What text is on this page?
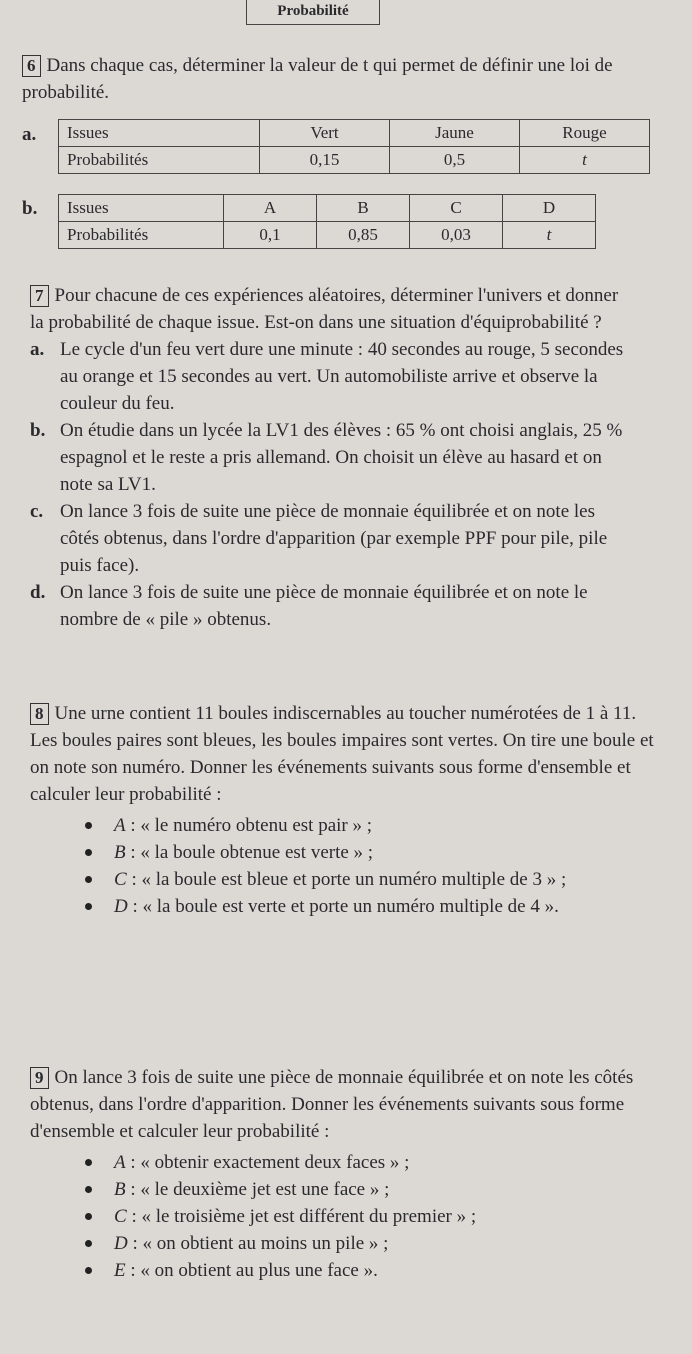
Probabilité

6 Dans chaque cas, déterminer la valeur de t qui permet de définir une loi de probabilité.

a. Issues	Vert	Jaune	Rouge
Probabilités	0,15	0,5	t
b. Issues	A	B	C	D
Probabilités	0,1	0,85	0,03	t

7 Pour chacune de ces expériences aléatoires, déterminer l'univers et donner la probabilité de chaque issue. Est-on dans une situation d'équiprobabilité ?

a. Le cycle d'un feu vert dure une minute : 40 secondes au rouge, 5 secondes au orange et 15 secondes au vert. Un automobiliste arrive et observe la couleur du feu.
b. On étudie dans un lycée la LV1 des élèves : 65 % ont choisi anglais, 25 % espagnol et le reste a pris allemand. On choisit un élève au hasard et on note sa LV1.
c. On lance 3 fois de suite une pièce de monnaie équilibrée et on note les côtés obtenus, dans l'ordre d'apparition (par exemple PPF pour pile, pile puis face).
d. On lance 3 fois de suite une pièce de monnaie équilibrée et on note le nombre de « pile » obtenus.

8 Une urne contient 11 boules indiscernables au toucher numérotées de 1 à 11. Les boules paires sont bleues, les boules impaires sont vertes. On tire une boule et on note son numéro. Donner les événements suivants sous forme d'ensemble et calculer leur probabilité :

A : « le numéro obtenu est pair » ;
B : « la boule obtenue est verte » ;
C : « la boule est bleue et porte un numéro multiple de 3 » ;
D : « la boule est verte et porte un numéro multiple de 4 ».

9 On lance 3 fois de suite une pièce de monnaie équilibrée et on note les côtés obtenus, dans l'ordre d'apparition. Donner les événements suivants sous forme d'ensemble et calculer leur probabilité :

A : « obtenir exactement deux faces » ;
B : « le deuxième jet est une face » ;
C : « le troisième jet est différent du premier » ;
D : « on obtient au moins un pile » ;
E : « on obtient au plus une face ».
